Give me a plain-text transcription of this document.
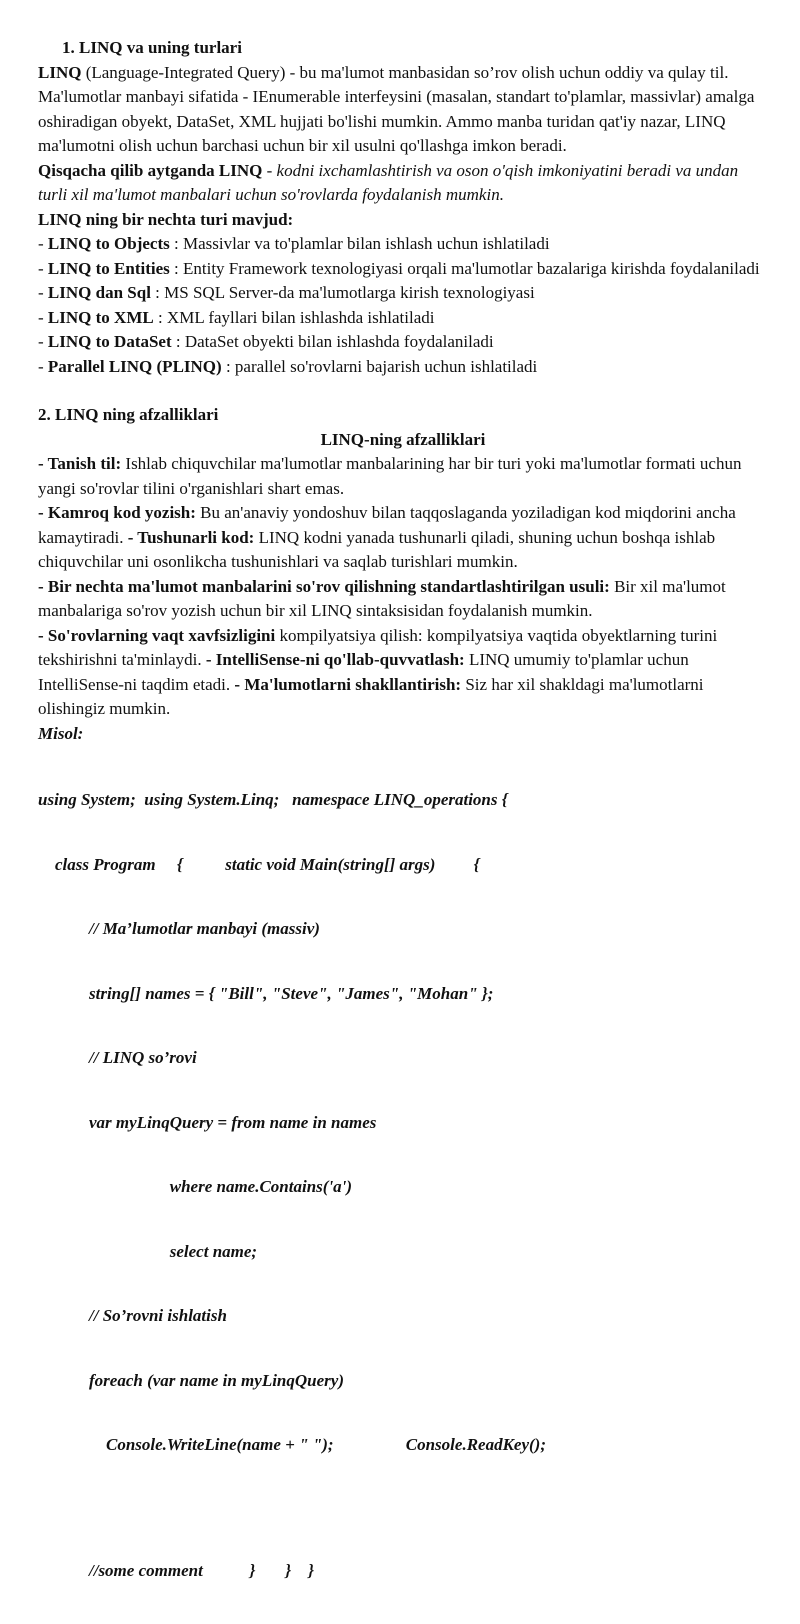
1. LINQ va uning turlari

LINQ (Language-Integrated Query) - bu ma'lumot manbasidan so’rov olish uchun oddiy va qulay til. Ma'lumotlar manbayi sifatida - IEnumerable interfeysini (masalan, standart to'plamlar, massivlar) amalga oshiradigan obyekt, DataSet, XML hujjati bo'lishi mumkin. Ammo manba turidan qat'iy nazar, LINQ ma'lumotni olish uchun barchasi uchun bir xil usulni qo'llashga imkon beradi.

Qisqacha qilib aytganda LINQ - kodni ixchamlashtirish va oson o'qish imkoniyatini beradi va undan turli xil ma'lumot manbalari uchun so'rovlarda foydalanish mumkin.

LINQ ning bir nechta turi mavjud:

- LINQ to Objects : Massivlar va to'plamlar bilan ishlash uchun ishlatiladi

- LINQ to Entities : Entity Framework texnologiyasi orqali ma'lumotlar bazalariga kirishda foydalaniladi

- LINQ dan Sql : MS SQL Server-da ma'lumotlarga kirish texnologiyasi

- LINQ to XML : XML fayllari bilan ishlashda ishlatiladi

- LINQ to DataSet : DataSet obyekti bilan ishlashda foydalaniladi

- Parallel LINQ (PLINQ) : parallel so'rovlarni bajarish uchun ishlatiladi

2. LINQ ning afzalliklari

LINQ-ning afzalliklari

- Tanish til: Ishlab chiquvchilar ma'lumotlar manbalarining har bir turi yoki ma'lumotlar formati uchun yangi so'rovlar tilini o'rganishlari shart emas.

- Kamroq kod yozish: Bu an'anaviy yondoshuv bilan taqqoslaganda yoziladigan kod miqdorini ancha kamaytiradi. - Tushunarli kod: LINQ kodni yanada tushunarli qiladi, shuning uchun boshqa ishlab chiquvchilar uni osonlikcha tushunishlari va saqlab turishlari mumkin.

- Bir nechta ma'lumot manbalarini so'rov qilishning standartlashtirilgan usuli: Bir xil ma'lumot manbalariga so'rov yozish uchun bir xil LINQ sintaksisidan foydalanish mumkin.

- So'rovlarning vaqt xavfsizligini kompilyatsiya qilish: kompilyatsiya vaqtida obyektlarning turini tekshirishni ta'minlaydi. - IntelliSense-ni qo'llab-quvvatlash: LINQ umumiy to'plamlar uchun IntelliSense-ni taqdim etadi. - Ma'lumotlarni shakllantirish: Siz har xil shakldagi ma'lumotlarni olishingiz mumkin.

Misol:

using System;  using System.Linq;   namespace LINQ_operations {

class Program     {          static void Main(string[] args)         {

// Ma’lumotlar manbayi (massiv)

string[] names = { "Bill", "Steve", "James", "Mohan" };

// LINQ so’rovi

var myLinqQuery = from name in names

where name.Contains('a')

select name;

// So’rovni ishlatish

foreach (var name in myLinqQuery)

Console.WriteLine(name + " ");                 Console.ReadKey();

//some comment           }       }    }
